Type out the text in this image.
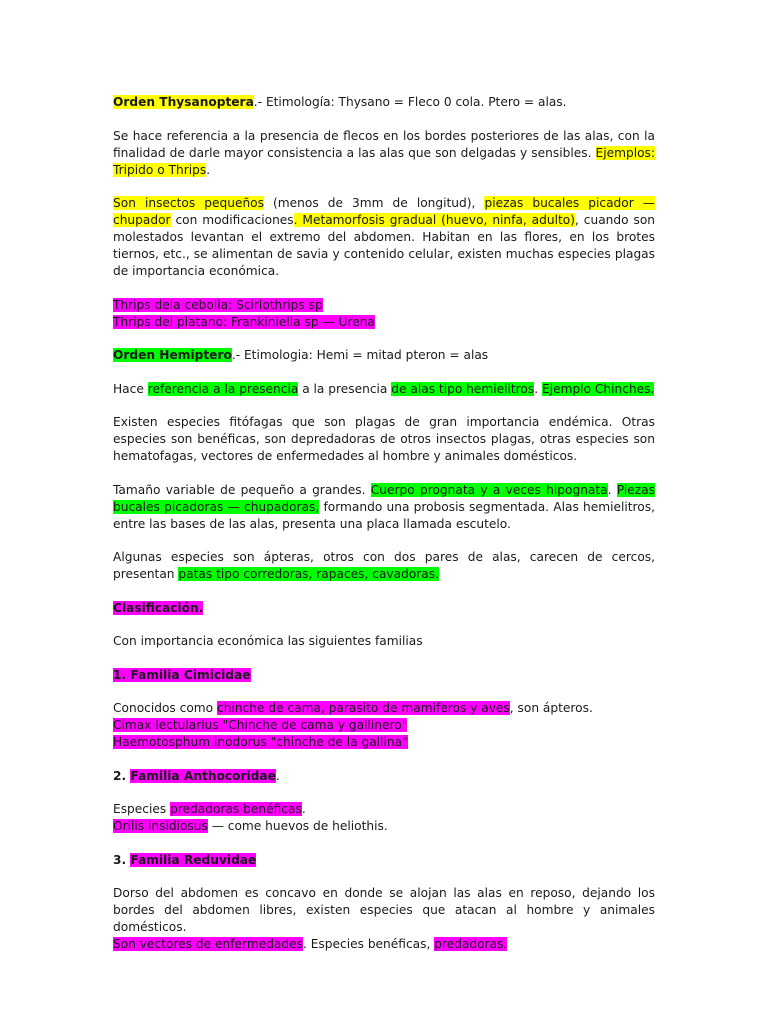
Orden Thysanoptera.- Etimología: Thysano = Fleco 0 cola. Ptero = alas.

Se hace referencia a la presencia de flecos en los bordes posteriores de las alas, con la finalidad de darle mayor consistencia a las alas que son delgadas y sensibles. Ejemplos: Tripido o Thrips.

Son insectos pequeños (menos de 3mm de longitud), piezas bucales picador — chupador con modificaciones. Metamorfosis gradual (huevo, ninfa, adulto), cuando son molestados levantan el extremo del abdomen. Habitan en las flores, en los brotes tiernos, etc., se alimentan de savia y contenido celular, existen muchas especies plagas de importancia económica.

Thrips dela cebolla: Scirlothrips sp
Thrips del platano: Frankiniella sp — Urena

Orden Hemiptero.- Etimologia: Hemi = mitad pteron = alas

Hace referencia a la presencia a la presencia de alas tipo hemielitros. Ejemplo Chinches.

Existen especies fitófagas que son plagas de gran importancia endémica. Otras especies son benéficas, son depredadoras de otros insectos plagas, otras especies son hematofagas, vectores de enfermedades al hombre y animales domésticos.

Tamaño variable de pequeño a grandes. Cuerpo prognata y a veces hipognata. Piezas bucales picadoras — chupadoras, formando una probosis segmentada. Alas hemielitros, entre las bases de las alas, presenta una placa llamada escutelo.

Algunas especies son ápteras, otros con dos pares de alas, carecen de cercos, presentan patas tipo corredoras, rapaces, cavadoras.

Clasificación.

Con importancia económica las siguientes familias

1. Familia Cimicidae

Conocidos como chinche de cama, parasito de mamiferos y aves, son ápteros.
Cimax lectularius "Chinche de cama y gallinero"
Haemotosphum inodorus "chinche de la gallina"

2. Familia Anthocoridae.

Especies predadoras benéficas.
Orilis insidiosus — come huevos de heliothis.

3. Familia Reduvidae

Dorso del abdomen es concavo en donde se alojan las alas en reposo, dejando los bordes del abdomen libres, existen especies que atacan al hombre y animales domésticos.
Son vectores de enfermedades. Especies benéficas, predadoras.
